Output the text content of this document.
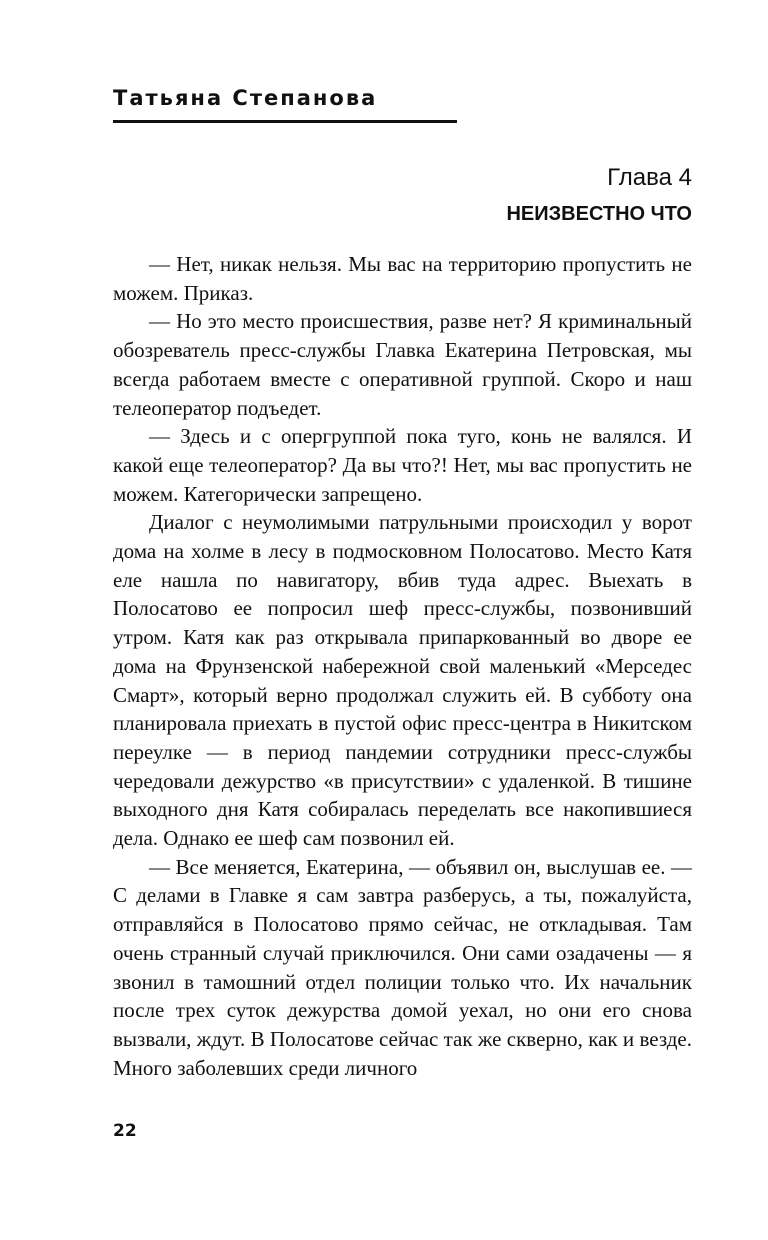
Татьяна Степанова
Глава 4
НЕИЗВЕСТНО ЧТО

— Нет, никак нельзя. Мы вас на территорию пропустить не можем. Приказ.

— Но это место происшествия, разве нет? Я криминальный обозреватель пресс-службы Главка Екатерина Петровская, мы всегда работаем вместе с оперативной группой. Скоро и наш телеоператор подъедет.

— Здесь и с опергруппой пока туго, конь не валялся. И какой еще телеоператор? Да вы что?! Нет, мы вас пропустить не можем. Категорически запрещено.

Диалог с неумолимыми патрульными происходил у ворот дома на холме в лесу в подмосковном Полосатово. Место Катя еле нашла по навигатору, вбив туда адрес. Выехать в Полосатово ее попросил шеф пресс-службы, позвонивший утром. Катя как раз открывала припаркованный во дворе ее дома на Фрунзенской набережной свой маленький «Мерседес Смарт», который верно продолжал служить ей. В субботу она планировала приехать в пустой офис пресс-центра в Никитском переулке — в период пандемии сотрудники пресс-службы чередовали дежурство «в присутствии» с удаленкой. В тишине выходного дня Катя собиралась переделать все накопившиеся дела. Однако ее шеф сам позвонил ей.

— Все меняется, Екатерина, — объявил он, выслушав ее. — С делами в Главке я сам завтра разберусь, а ты, пожалуйста, отправляйся в Полосатово прямо сейчас, не откладывая. Там очень странный случай приключился. Они сами озадачены — я звонил в тамошний отдел полиции только что. Их начальник после трех суток дежурства домой уехал, но они его снова вызвали, ждут. В Полосатове сейчас так же скверно, как и везде. Много заболевших среди личного

22
